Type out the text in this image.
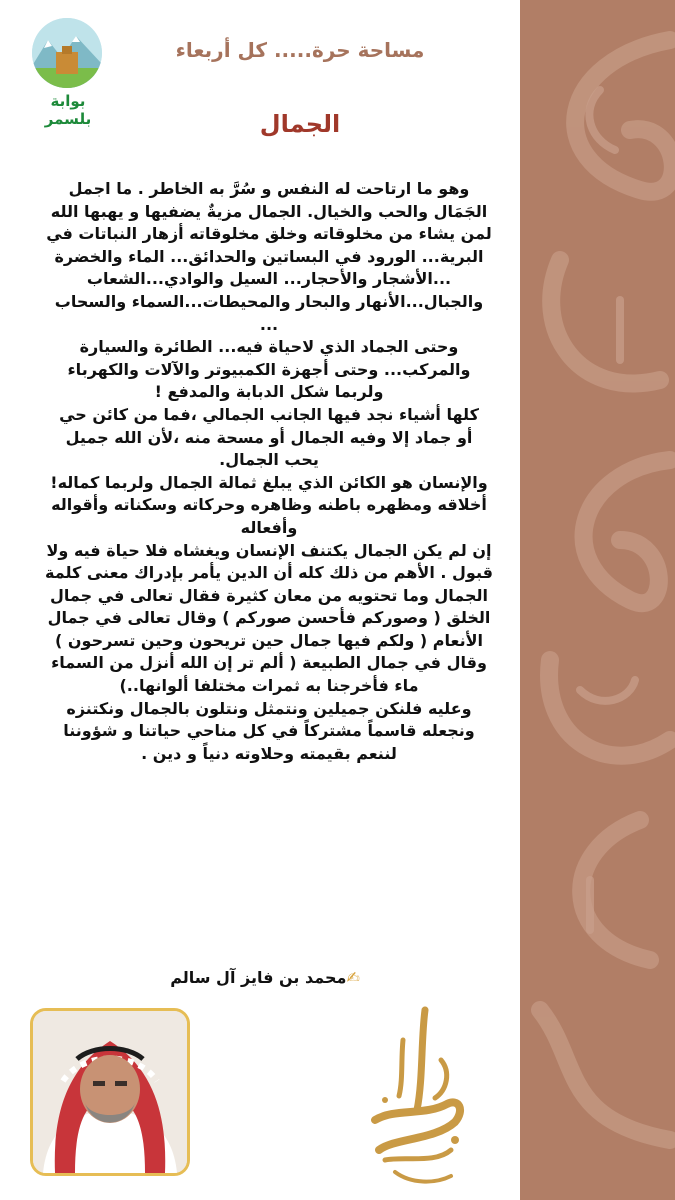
بوابة بلسمر
مساحة حرة..... كل أربعاء
الجمال
وهو ما ارتاحت له النفس و سُرَّ به الخاطر . ما اجمل
الجَمَال والحب والخيال. الجمال مزيةٌ يضفيها و يهبها الله
لمن يشاء من مخلوقاته وخلق مخلوقاته أزهار النباتات في
البرية... الورود في البساتين والحدائق... الماء والخضرة
...الأشجار والأحجار... السيل والوادي...الشعاب
والجبال...الأنهار والبحار والمحيطات...السماء والسحاب
...
وحتى الجماد الذي لاحياة فيه... الطائرة والسيارة
والمركب... وحتى أجهزة الكمبيوتر والآلات والكهرباء
ولربما شكل الدبابة والمدفع !
كلها أشياء نجد فيها الجانب الجمالي ،فما من كائن حي
أو جماد إلا وفيه الجمال أو مسحة منه ،لأن الله جميل
يحب الجمال.
والإنسان هو الكائن الذي يبلغ ثمالة الجمال ولربما كماله!
أخلاقه ومظهره باطنه وظاهره وحركاته وسكناته وأقواله
وأفعاله
إن لم يكن الجمال يكتنف الإنسان ويغشاه فلا حياة فيه ولا
قبول . الأهم من ذلك كله أن الدين يأمر بإدراك معنى كلمة
الجمال وما تحتويه من معان كثيرة فقال تعالى في جمال
الخلق ( وصوركم فأحسن صوركم ) وقال تعالى في جمال
الأنعام ( ولكم فيها جمال حين تريحون وحين تسرحون )
وقال في جمال الطبيعة ( ألم تر إن الله أنزل من السماء
ماء فأخرجنا به ثمرات مختلفا ألوانها..)
وعليه فلنكن جميلين ونتمثل ونتلون بالجمال ونكتنزه
ونجعله قاسماً مشتركاً في كل مناحي حياتنا و شؤوننا
لننعم بقيمته وحلاوته دنياً و دين .
✍محمد بن فايز آل سالم
